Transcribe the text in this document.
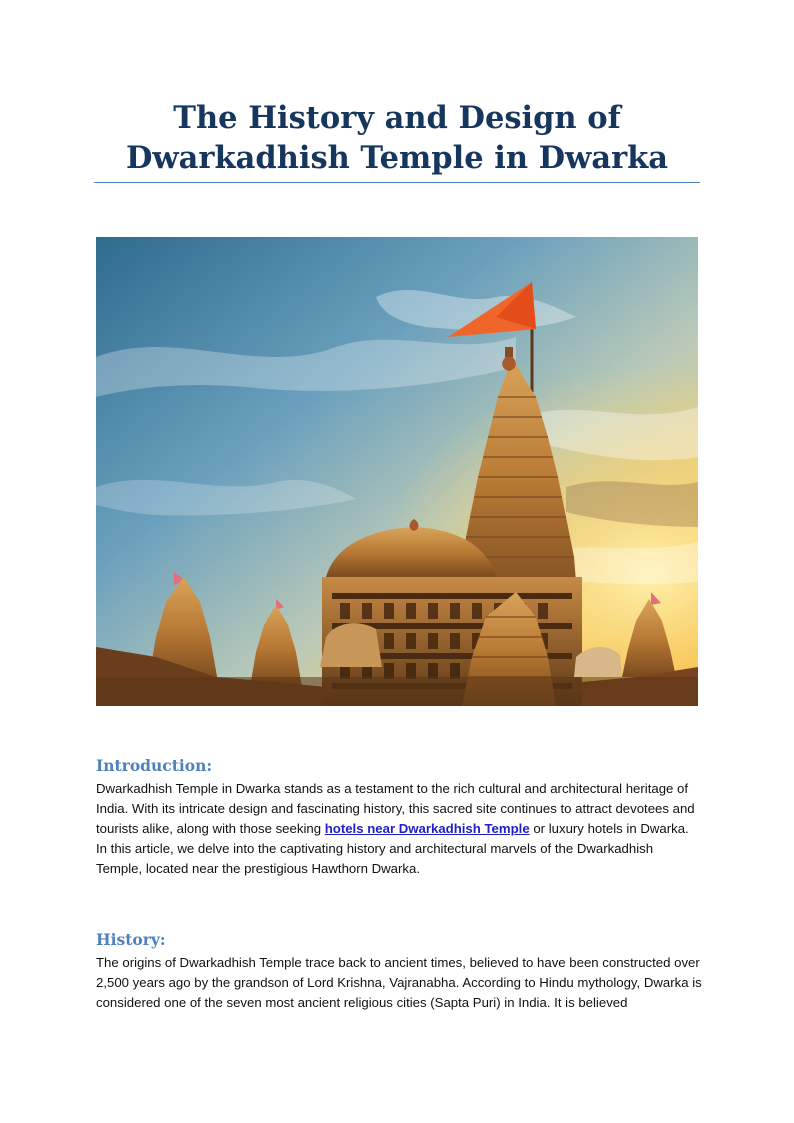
The History and Design of
Dwarkadhish Temple in Dwarka
Introduction:

Dwarkadhish Temple in Dwarka stands as a testament to the rich cultural and architectural heritage of India. With its intricate design and fascinating history, this sacred site continues to attract devotees and tourists alike, along with those seeking hotels near Dwarkadhish Temple or luxury hotels in Dwarka. In this article, we delve into the captivating history and architectural marvels of the Dwarkadhish Temple, located near the prestigious Hawthorn Dwarka.

History:

The origins of Dwarkadhish Temple trace back to ancient times, believed to have been constructed over 2,500 years ago by the grandson of Lord Krishna, Vajranabha. According to Hindu mythology, Dwarka is considered one of the seven most ancient religious cities (Sapta Puri) in India. It is believed
